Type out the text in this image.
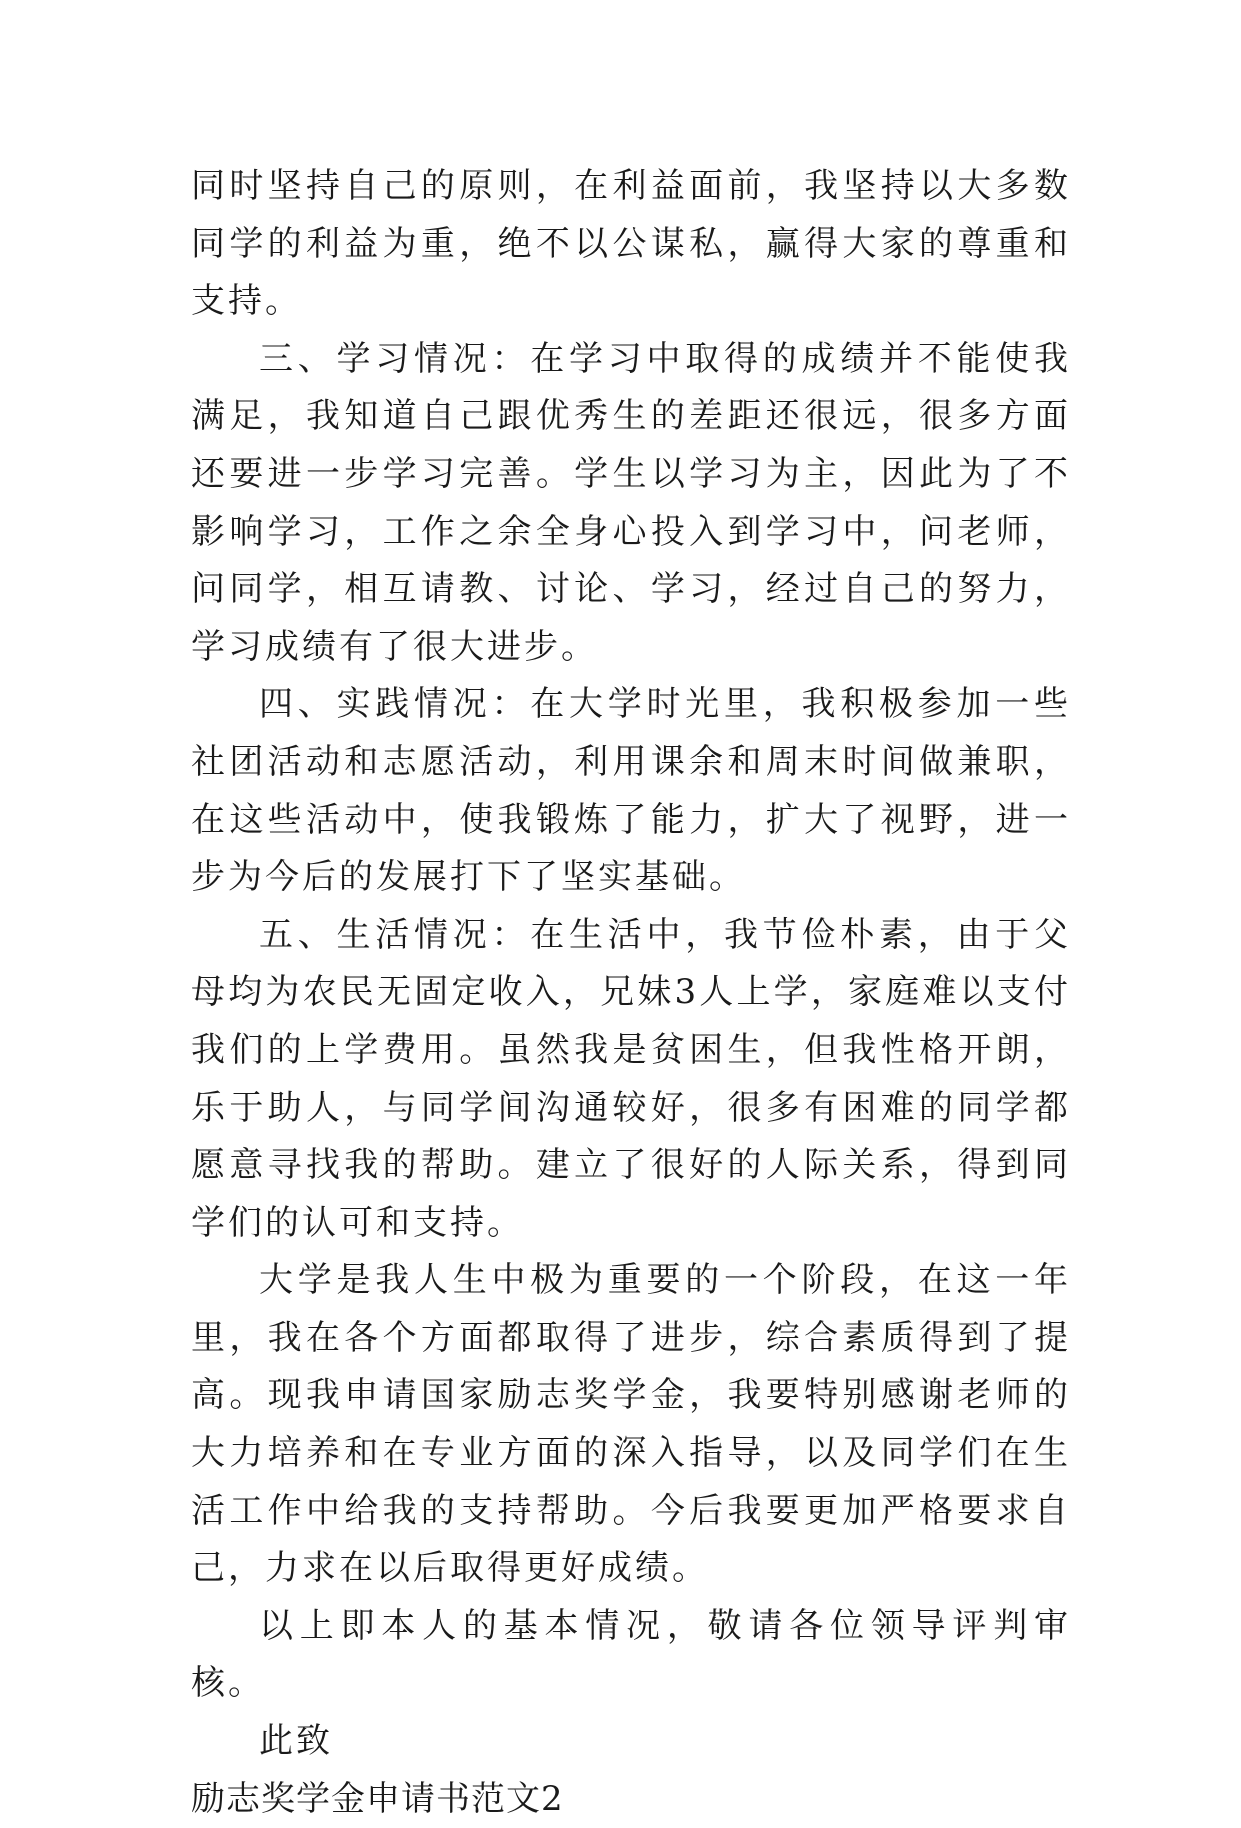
同时坚持自己的原则，在利益面前，我坚持以大多数同学的利益为重，绝不以公谋私，赢得大家的尊重和支持。

三、学习情况：在学习中取得的成绩并不能使我满足，我知道自己跟优秀生的差距还很远，很多方面还要进一步学习完善。学生以学习为主，因此为了不影响学习，工作之余全身心投入到学习中，问老师，问同学，相互请教、讨论、学习，经过自己的努力，学习成绩有了很大进步。

四、实践情况：在大学时光里，我积极参加一些社团活动和志愿活动，利用课余和周末时间做兼职，在这些活动中，使我锻炼了能力，扩大了视野，进一步为今后的发展打下了坚实基础。

五、生活情况：在生活中，我节俭朴素，由于父母均为农民无固定收入，兄妹3人上学，家庭难以支付我们的上学费用。虽然我是贫困生，但我性格开朗，乐于助人，与同学间沟通较好，很多有困难的同学都愿意寻找我的帮助。建立了很好的人际关系，得到同学们的认可和支持。

大学是我人生中极为重要的一个阶段，在这一年里，我在各个方面都取得了进步，综合素质得到了提高。现我申请国家励志奖学金，我要特别感谢老师的大力培养和在专业方面的深入指导，以及同学们在生活工作中给我的支持帮助。今后我要更加严格要求自己，力求在以后取得更好成绩。

以上即本人的基本情况，敬请各位领导评判审核。

此致

励志奖学金申请书范文2
